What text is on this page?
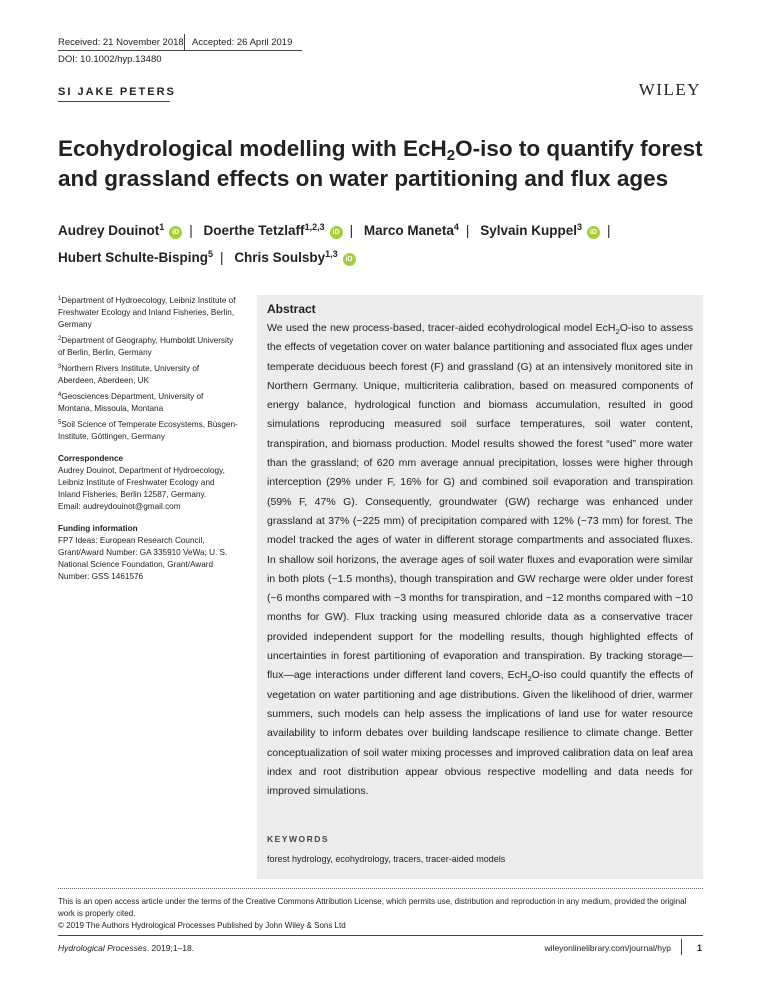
Received: 21 November 2018 Accepted: 26 April 2019
DOI: 10.1002/hyp.13480
SI JAKE PETERS	WILEY
Ecohydrological modelling with EcH$_2$O-iso to quantify forest and grassland effects on water partitioning and flux ages
Audrey Douinot$^1$iD | Doerthe Tetzlaff$^{1,2,3}$iD | Marco Maneta$^4$ | Sylvain Kuppel$^3$iD |
Hubert Schulte-Bisping$^5$ | Chris Soulsby$^{1,3}$iD
$^1$Department of Hydroecology, Leibniz Institute of Freshwater Ecology and Inland Fisheries, Berlin, Germany
$^2$Department of Geography, Humboldt University of Berlin, Berlin, Germany
$^3$Northern Rivers Institute, University of Aberdeen, Aberdeen, UK
$^4$Geosciences Department, University of Montana, Missoula, Montana
$^5$Soil Science of Temperate Ecosystems, Büsgen-Institute, Göttingen, Germany
Correspondence
Audrey Douinot, Department of Hydroecology, Leibniz Institute of Freshwater Ecology and Inland Fisheries, Berlin 12587, Germany.
Email: audreydouinot@gmail.com
Funding information
FP7 Ideas: European Research Council, Grant/Award Number: GA 335910 VeWa; U. S. National Science Foundation, Grant/Award Number: GSS 1461576
Abstract
We used the new process-based, tracer-aided ecohydrological model EcH$_2$O-iso to assess the effects of vegetation cover on water balance partitioning and associated flux ages under temperate deciduous beech forest (F) and grassland (G) at an intensively monitored site in Northern Germany. Unique, multicriteria calibration, based on measured components of energy balance, hydrological function and biomass accumulation, resulted in good simulations reproducing measured soil surface temperatures, soil water content, transpiration, and biomass production. Model results showed the forest “used” more water than the grassland; of 620 mm average annual precipitation, losses were higher through interception (29% under F, 16% for G) and combined soil evaporation and transpiration (59% F, 47% G). Consequently, groundwater (GW) recharge was enhanced under grassland at 37% (~225 mm) of precipitation compared with 12% (~73 mm) for forest. The model tracked the ages of water in different storage compartments and associated fluxes. In shallow soil horizons, the average ages of soil water fluxes and evaporation were similar in both plots (~1.5 months), though transpiration and GW recharge were older under forest (~6 months compared with ~3 months for transpiration, and ~12 months compared with ~10 months for GW). Flux tracking using measured chloride data as a conservative tracer provided independent support for the modelling results, though highlighted effects of uncertainties in forest partitioning of evaporation and transpiration. By tracking storage—flux—age interactions under different land covers, EcH$_2$O-iso could quantify the effects of vegetation on water partitioning and age distributions. Given the likelihood of drier, warmer summers, such models can help assess the implications of land use for water resource availability to inform debates over building landscape resilience to climate change. Better conceptualization of soil water mixing processes and improved calibration data on leaf area index and root distribution appear obvious respective modelling and data needs for improved simulations.
KEYWORDS
forest hydrology, ecohydrology, tracers, tracer-aided models
This is an open access article under the terms of the Creative Commons Attribution License, which permits use, distribution and reproduction in any medium, provided the original work is properly cited.
© 2019 The Authors Hydrological Processes Published by John Wiley & Sons Ltd
Hydrological Processes. 2019;1–18.	wileyonlinelibrary.com/journal/hyp	1
